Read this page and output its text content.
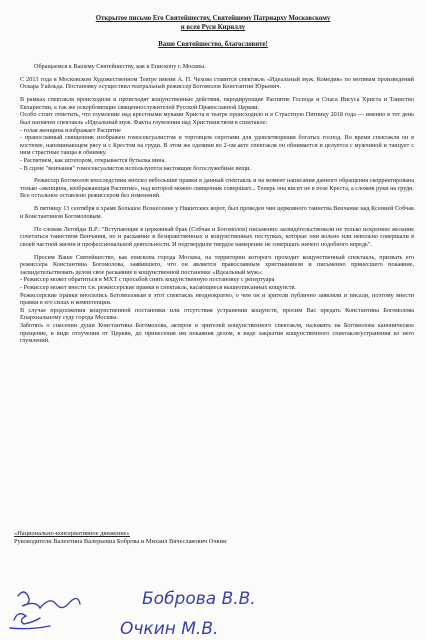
Открытое письмо Его Святейшеству, Святейшему Патриарху Московскому
и всея Руси Кириллу
Ваше Святейшество, благословите!

Обращаемся к Вашему Святейшеству, как к Епископу г. Москвы.

С 2013 года в Московском Художественном Театре имени А. П. Чехова ставится спектакль «Идеальный муж. Комедия» по мотивам произведений Оскара Уайльда. Постановку осуществил театральный режиссер Богомолов Константин Юрьевич.

В рамках спектакля происходили и происходят кощунственные действия, пародирующие Распятие Господа и Спаса Иисуса Христа и Таинство Евхаристии, а так же оскорбляющие священнослужителей Русской Православной Церкви.
Особо стоит отметить, что глумление над крестными муками Христа в театре происходило и в Страстную Пятницу 2018 года — именно в тот день был назначен спектакль «Идеальный муж. Факты глумления над Христианством в спектакле:
- голая женщина изображает Распятие
- православный священник изображен гомосексуалистом и торговцем сиротами для удовлетворения богатых господ. Во время спектакля он в костюме, напоминающем рясу и с Крестом на груди. В этом же одеянии во 2-ом акте спектакля он обнимается и целуется с мужчиной и танцует с ним страстные танцы в обнимку.
- Распятием, как штопором, открывается бутылка вина.
- В сцене "венчания" гомосексуалистов используются настоящие богослужебные вещи.

Режиссер Богомолов впоследствии вносил небольшие правки в данный спектакль и на момент написания данного обращения скорректирована только «женщина, изображающая Распятие», над которой можно священник совершает... Теперь она висит не в позе Креста, а сложив руки на груди. Все остальное оставлено режиссером без изменений.

В пятницу 13 сентября в храме Большое Вознесение у Никитских ворот, был проведен чин церковного таинства Венчание над Ксенией Собчак и Константином Богомоловым.

По словам Легойды В.Р.: "Вступающие в церковный брак (Собчак и Богомолов) письменно засвидетельствовали не только искреннее желание сочетаться таинством Венчания, но и раскаяние в безнравственных и кощунственных поступках, которые они вольно или невольно совершали в своей частной жизни и профессиональной деятельности. И подтвердили твердое намерение не совершать ничего подобного впредь".

Просим Ваше Святейшество, как епископа города Москвы, на территории которого проходит кощунственный спектакль, призвать его режиссера Константина Богомолова, заявившего, что он является православным христианином и письменно принесшего покаяние, засвидетельствовать делом свое раскаяние в кощунственной постановке «Идеальный муж»:
- Режиссер может обратиться в МХТ с просьбой снять кощунственную постановку с репертуара
- Режиссер может внести т.н. режиссерские правки в спектакль, касающиеся вышеописанных кощунств.
Режиссерские правки вносились Богомоловым в этот спектакль неоднократно, о чем он и зрители публично заявляли и писали, поэтому внести правки в его силах и компетенции.
В случае продолжения кощунственной постановки или отсутствия устранения кощунств, просим Вас предать Константина Богомолова Епархиальному суду города Москвы.
Заботясь о спасении души Константина Богомолова, актеров и зрителей кощунственного спектакля, наложить на Богомолова каноническое прещение, в виде отлучения от Церкви, до принесения им покаяния делом, в виде закрытия кощунственного спектакля/устранения из него глумлений.

«Национально-консервативное движение»
Руководители Валентина Валерьевна Боброва и Михаил Вячеславович Очкин
Боброва В.В.
Очкин М.В.
